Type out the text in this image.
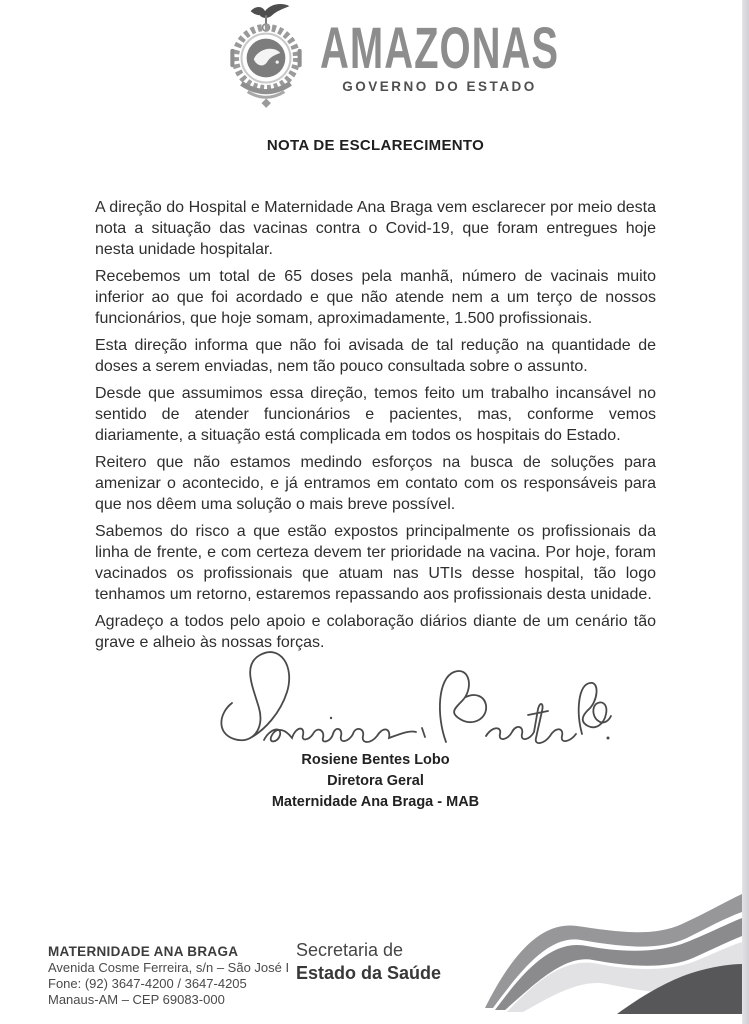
AMAZONAS
GOVERNO DO ESTADO
NOTA DE ESCLARECIMENTO

A direção do Hospital e Maternidade Ana Braga vem esclarecer por meio desta nota a situação das vacinas contra o Covid-19, que foram entregues hoje nesta unidade hospitalar.

Recebemos um total de 65 doses pela manhã, número de vacinais muito inferior ao que foi acordado e que não atende nem a um terço de nossos funcionários, que hoje somam, aproximadamente, 1.500 profissionais.

Esta direção informa que não foi avisada de tal redução na quantidade de doses a serem enviadas, nem tão pouco consultada sobre o assunto.

Desde que assumimos essa direção, temos feito um trabalho incansável no sentido de atender funcionários e pacientes, mas, conforme vemos diariamente, a situação está complicada em todos os hospitais do Estado.

Reitero que não estamos medindo esforços na busca de soluções para amenizar o acontecido, e já entramos em contato com os responsáveis para que nos dêem uma solução o mais breve possível.

Sabemos do risco a que estão expostos principalmente os profissionais da linha de frente, e com certeza devem ter prioridade na vacina. Por hoje, foram vacinados os profissionais que atuam nas UTIs desse hospital, tão logo tenhamos um retorno, estaremos repassando aos profissionais desta unidade.

Agradeço a todos pelo apoio e colaboração diários diante de um cenário tão grave e alheio às nossas forças.

Rosiene Bentes Lobo
Diretora Geral
Maternidade Ana Braga - MAB
MATERNIDADE ANA BRAGA
Avenida Cosme Ferreira, s/n – São José I
Fone: (92) 3647-4200 / 3647-4205
Manaus-AM – CEP 69083-000
Secretaria de
Estado da Saúde
